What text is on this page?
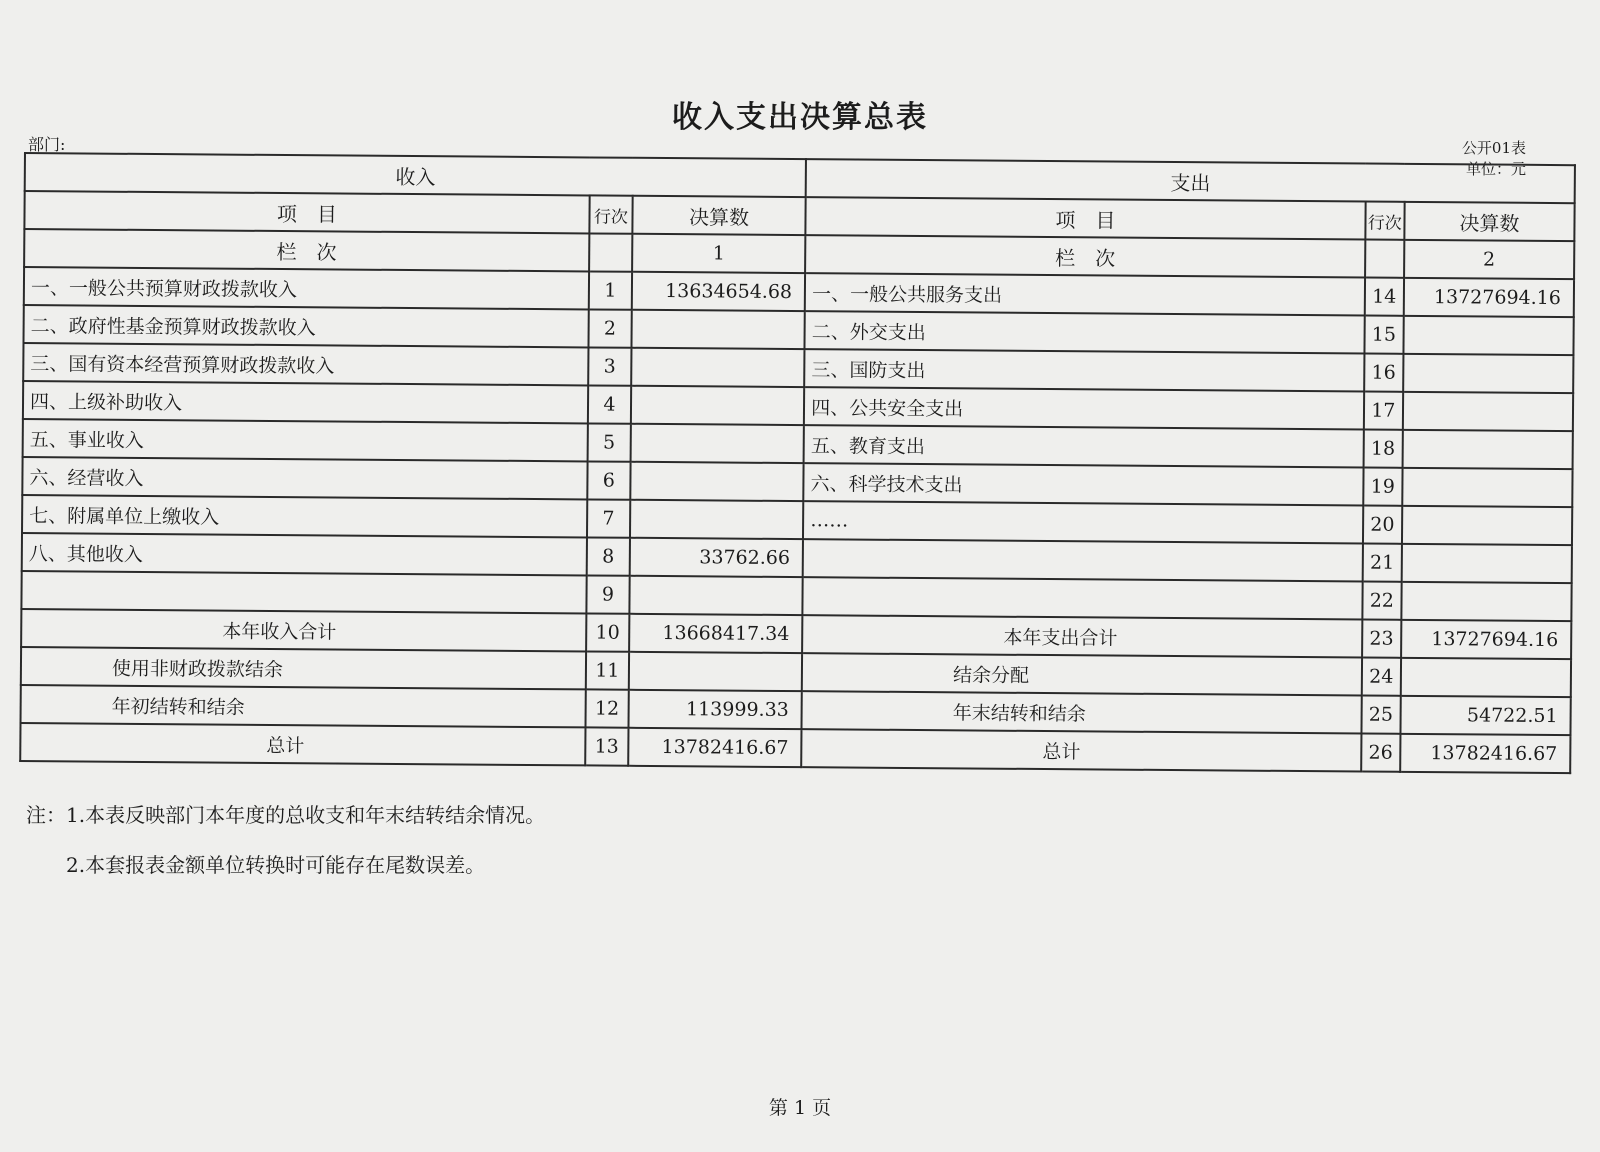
收入支出决算总表
部门:	公开01表
单位：元
收入			支出		
项　目	行次	决算数	项　目	行次	决算数
栏　次		1	栏　次		2
一、一般公共预算财政拨款收入	1	13634654.68	一、一般公共服务支出	14	13727694.16
二、政府性基金预算财政拨款收入	2		二、外交支出	15	
三、国有资本经营预算财政拨款收入	3		三、国防支出	16	
四、上级补助收入	4		四、公共安全支出	17	
五、事业收入	5		五、教育支出	18	
六、经营收入	6		六、科学技术支出	19	
七、附属单位上缴收入	7		……	20	
八、其他收入	8	33762.66		21	
	9			22	
本年收入合计	10	13668417.34	本年支出合计	23	13727694.16
使用非财政拨款结余	11		结余分配	24	
年初结转和结余	12	113999.33	年末结转和结余	25	54722.51
总计	13	13782416.67	总计	26	13782416.67
注：1.本表反映部门本年度的总收支和年末结转结余情况。
2.本套报表金额单位转换时可能存在尾数误差。
第 1 页
